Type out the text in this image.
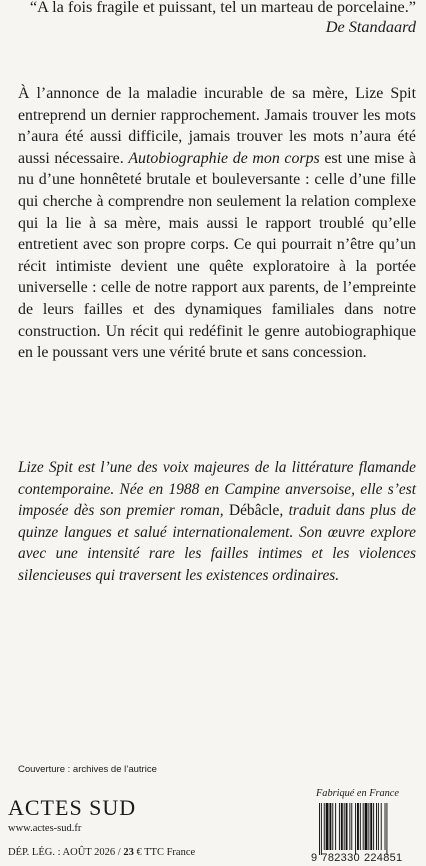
“A la fois fragile et puissant, tel un marteau de porcelaine.”
De Standaard

À l’annonce de la maladie incurable de sa mère, Lize Spit entreprend un dernier rapprochement. Jamais trouver les mots n’aura été aussi difficile, jamais trouver les mots n’aura été aussi nécessaire. Autobiographie de mon corps est une mise à nu d’une honnêteté brutale et bouleversante : celle d’une fille qui cherche à comprendre non seulement la relation complexe qui la lie à sa mère, mais aussi le rapport troublé qu’elle entretient avec son propre corps. Ce qui pourrait n’être qu’un récit intimiste devient une quête exploratoire à la portée universelle : celle de notre rapport aux parents, de l’empreinte de leurs failles et des dynamiques familiales dans notre construction. Un récit qui redéfinit le genre autobiographique en le poussant vers une vérité brute et sans concession.

Lize Spit est l’une des voix majeures de la littérature flamande contemporaine. Née en 1988 en Campine anversoise, elle s’est imposée dès son premier roman, Débâcle, traduit dans plus de quinze langues et salué internationalement. Son œuvre explore avec une intensité rare les failles intimes et les violences silencieuses qui traversent les existences ordinaires.

Couverture : archives de l’autrice
ACTES SUD
www.actes-sud.fr
DÉP. LÉG. : AOÛT 2026 / 23 € TTC France
Fabriqué en France
9 782330 224851
